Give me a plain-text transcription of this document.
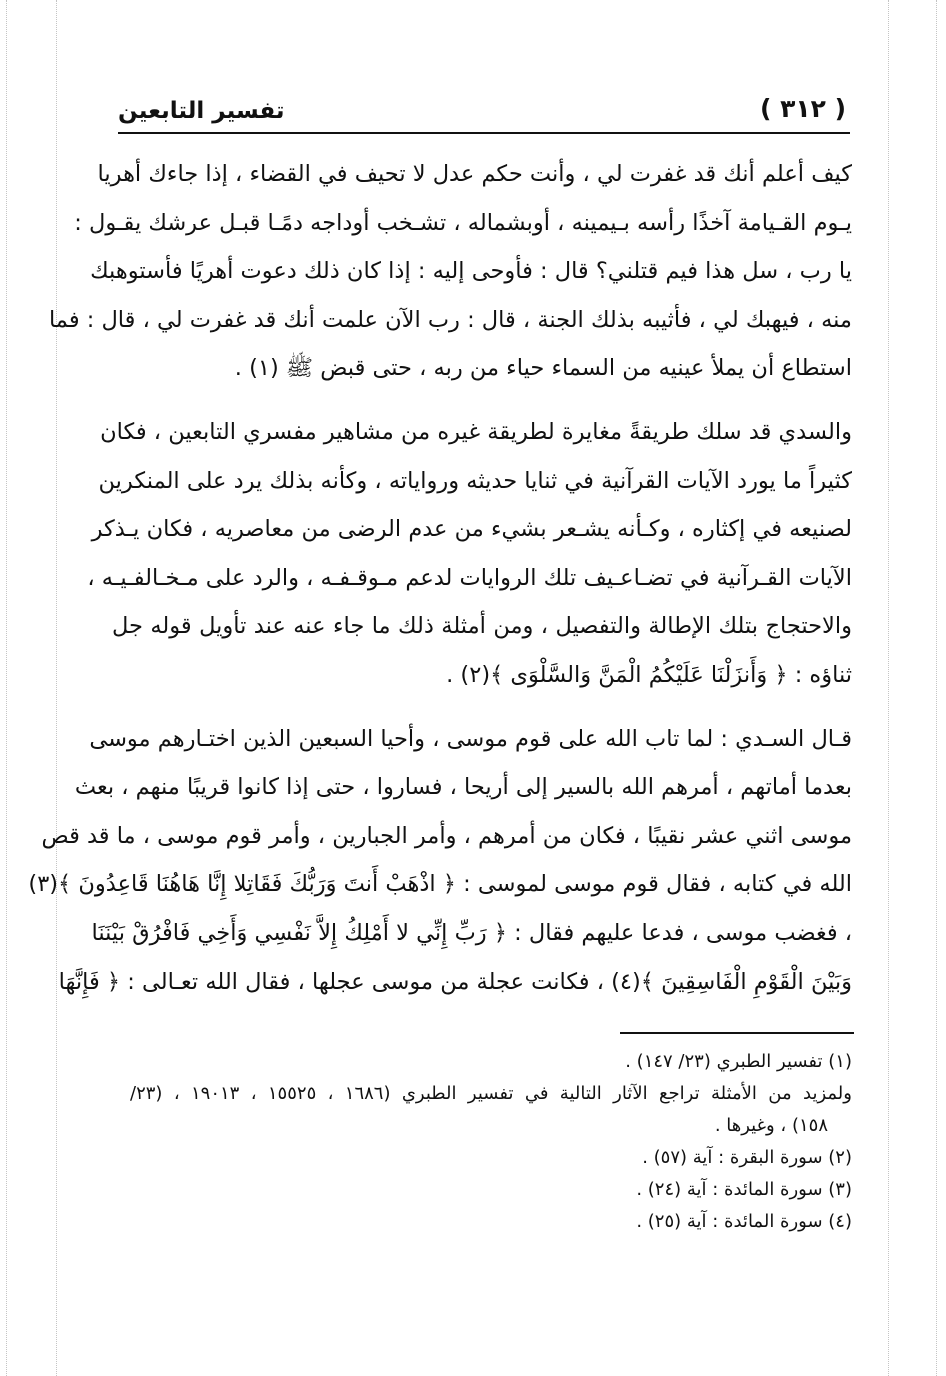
تفسير التابعين	( ٣١٢ )
كيف أعلم أنك قد غفرت لي ، وأنت حكم عدل لا تحيف في القضاء ، إذا جاءك أهريا
يـوم القـيامة آخذًا رأسه بـيمينه ، أوبشماله ، تشـخب أوداجه دمًـا قبـل عرشك يقـول :
يا رب ، سل هذا فيم قتلني؟ قال : فأوحى إليه : إذا كان ذلك دعوت أهريًا فأستوهبك
منه ، فيهبك لي ، فأثيبه بذلك الجنة ، قال : رب الآن علمت أنك قد غفرت لي ، قال : فما
استطاع أن يملأ عينيه من السماء حياء من ربه ، حتى قبض ﷺ (١) .
والسدي قد سلك طريقةً مغايرة لطريقة غيره من مشاهير مفسري التابعين ، فكان
كثيراً ما يورد الآيات القرآنية في ثنايا حديثه ورواياته ، وكأنه بذلك يرد على المنكرين
لصنيعه في إكثاره ، وكـأنه يشـعر بشيء من عدم الرضى من معاصريه ، فكان يـذكر
الآيات القـرآنية في تضـاعـيف تلك الروايات لدعم مـوقـفـه ، والرد على مـخـالفـيـه ،
والاحتجاج بتلك الإطالة والتفصيل ، ومن أمثلة ذلك ما جاء عنه عند تأويل قوله جل
ثناؤه : ﴿ وَأَنزَلْنَا عَلَيْكُمُ الْمَنَّ وَالسَّلْوَى ﴾(٢) .
قـال السـدي : لما تاب الله على قوم موسى ، وأحيا السبعين الذين اختـارهم موسى
بعدما أماتهم ، أمرهم الله بالسير إلى أريحا ، فساروا ، حتى إذا كانوا قريبًا منهم ، بعث
موسى اثني عشر نقيبًا ، فكان من أمرهم ، وأمر الجبارين ، وأمر قوم موسى ، ما قد قص
الله في كتابه ، فقال قوم موسى لموسى : ﴿ اذْهَبْ أَنتَ وَرَبُّكَ فَقَاتِلا إِنَّا هَاهُنَا قَاعِدُونَ ﴾(٣)
، فغضب موسى ، فدعا عليهم فقال : ﴿ رَبِّ إِنِّي لا أَمْلِكُ إِلاَّ نَفْسِي وَأَخِي فَافْرُقْ بَيْنَنَا
وَبَيْنَ الْقَوْمِ الْفَاسِقِينَ ﴾(٤) ، فكانت عجلة من موسى عجلها ، فقال الله تعـالى : ﴿ فَإِنَّهَا
(١) تفسير الطبري (٢٣/ ١٤٧) .
ولمزيد من الأمثلة تراجع الآثار التالية في تفسير الطبري (١٦٨٦ ، ١٥٥٢٥ ، ١٩٠١٣ ، (٢٣/
١٥٨) ، وغيرها .
(٢) سورة البقرة : آية (٥٧) .
(٣) سورة المائدة : آية (٢٤) .
(٤) سورة المائدة : آية (٢٥) .
